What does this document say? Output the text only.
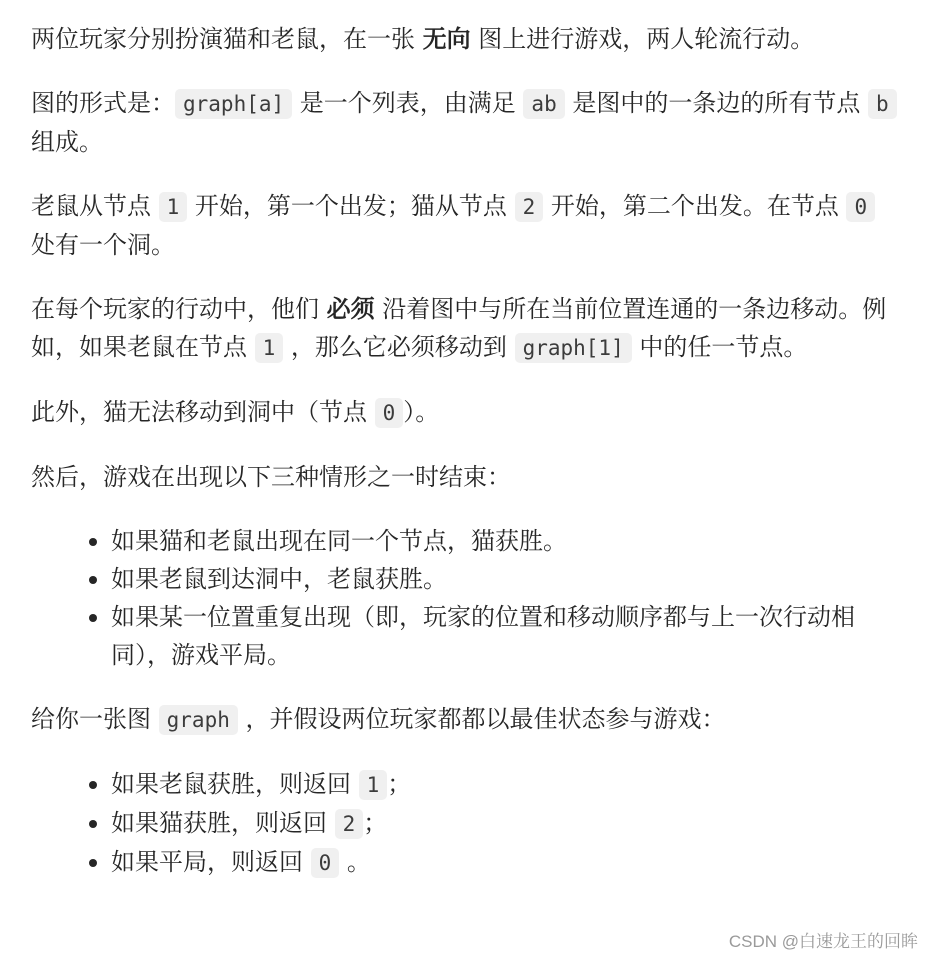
两位玩家分别扮演猫和老鼠，在一张 无向 图上进行游戏，两人轮流行动。

图的形式是： graph[a] 是一个列表，由满足 ab 是图中的一条边的所有节点 b 组成。

老鼠从节点 1 开始，第一个出发；猫从节点 2 开始，第二个出发。在节点 0 处有一个洞。

在每个玩家的行动中，他们 必须 沿着图中与所在当前位置连通的一条边移动。例如，如果老鼠在节点 1 ，那么它必须移动到 graph[1] 中的任一节点。

此外，猫无法移动到洞中（节点 0 ）。

然后，游戏在出现以下三种情形之一时结束：

如果猫和老鼠出现在同一个节点，猫获胜。
如果老鼠到达洞中，老鼠获胜。
如果某一位置重复出现（即，玩家的位置和移动顺序都与上一次行动相同），游戏平局。

给你一张图 graph ，并假设两位玩家都都以最佳状态参与游戏：

如果老鼠获胜，则返回 1 ；
如果猫获胜，则返回 2 ；
如果平局，则返回 0 。
CSDN @白速龙王的回眸
